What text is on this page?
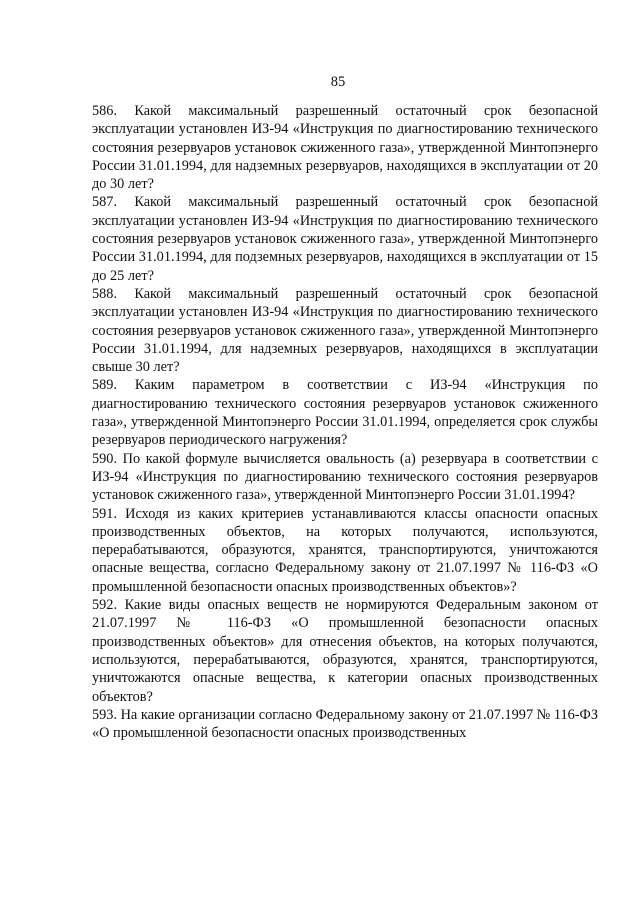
85

586. Какой максимальный разрешенный остаточный срок безопасной эксплуатации установлен ИЗ-94 «Инструкция по диагностированию технического состояния резервуаров установок сжиженного газа», утвержденной Минтопэнерго России 31.01.1994, для надземных резервуаров, находящихся в эксплуатации от 20 до 30 лет?

587. Какой максимальный разрешенный остаточный срок безопасной эксплуатации установлен ИЗ-94 «Инструкция по диагностированию технического состояния резервуаров установок сжиженного газа», утвержденной Минтопэнерго России 31.01.1994, для подземных резервуаров, находящихся в эксплуатации от 15 до 25 лет?

588. Какой максимальный разрешенный остаточный срок безопасной эксплуатации установлен ИЗ-94 «Инструкция по диагностированию технического состояния резервуаров установок сжиженного газа», утвержденной Минтопэнерго России 31.01.1994, для надземных резервуаров, находящихся в эксплуатации свыше 30 лет?

589. Каким параметром в соответствии с ИЗ-94 «Инструкция по диагностированию технического состояния резервуаров установок сжиженного газа», утвержденной Минтопэнерго России 31.01.1994, определяется срок службы резервуаров периодического нагружения?

590. По какой формуле вычисляется овальность (а) резервуара в соответствии с ИЗ-94 «Инструкция по диагностированию технического состояния резервуаров установок сжиженного газа», утвержденной Минтопэнерго России 31.01.1994?

591. Исходя из каких критериев устанавливаются классы опасности опасных производственных объектов, на которых получаются, используются, перерабатываются, образуются, хранятся, транспортируются, уничтожаются опасные вещества, согласно Федеральному закону от 21.07.1997 № 116-ФЗ «О промышленной безопасности опасных производственных объектов»?

592. Какие виды опасных веществ не нормируются Федеральным законом от 21.07.1997 № 116-ФЗ «О промышленной безопасности опасных производственных объектов» для отнесения объектов, на которых получаются, используются, перерабатываются, образуются, хранятся, транспортируются, уничтожаются опасные вещества, к категории опасных производственных объектов?

593. На какие организации согласно Федеральному закону от 21.07.1997 № 116-ФЗ «О промышленной безопасности опасных производственных
